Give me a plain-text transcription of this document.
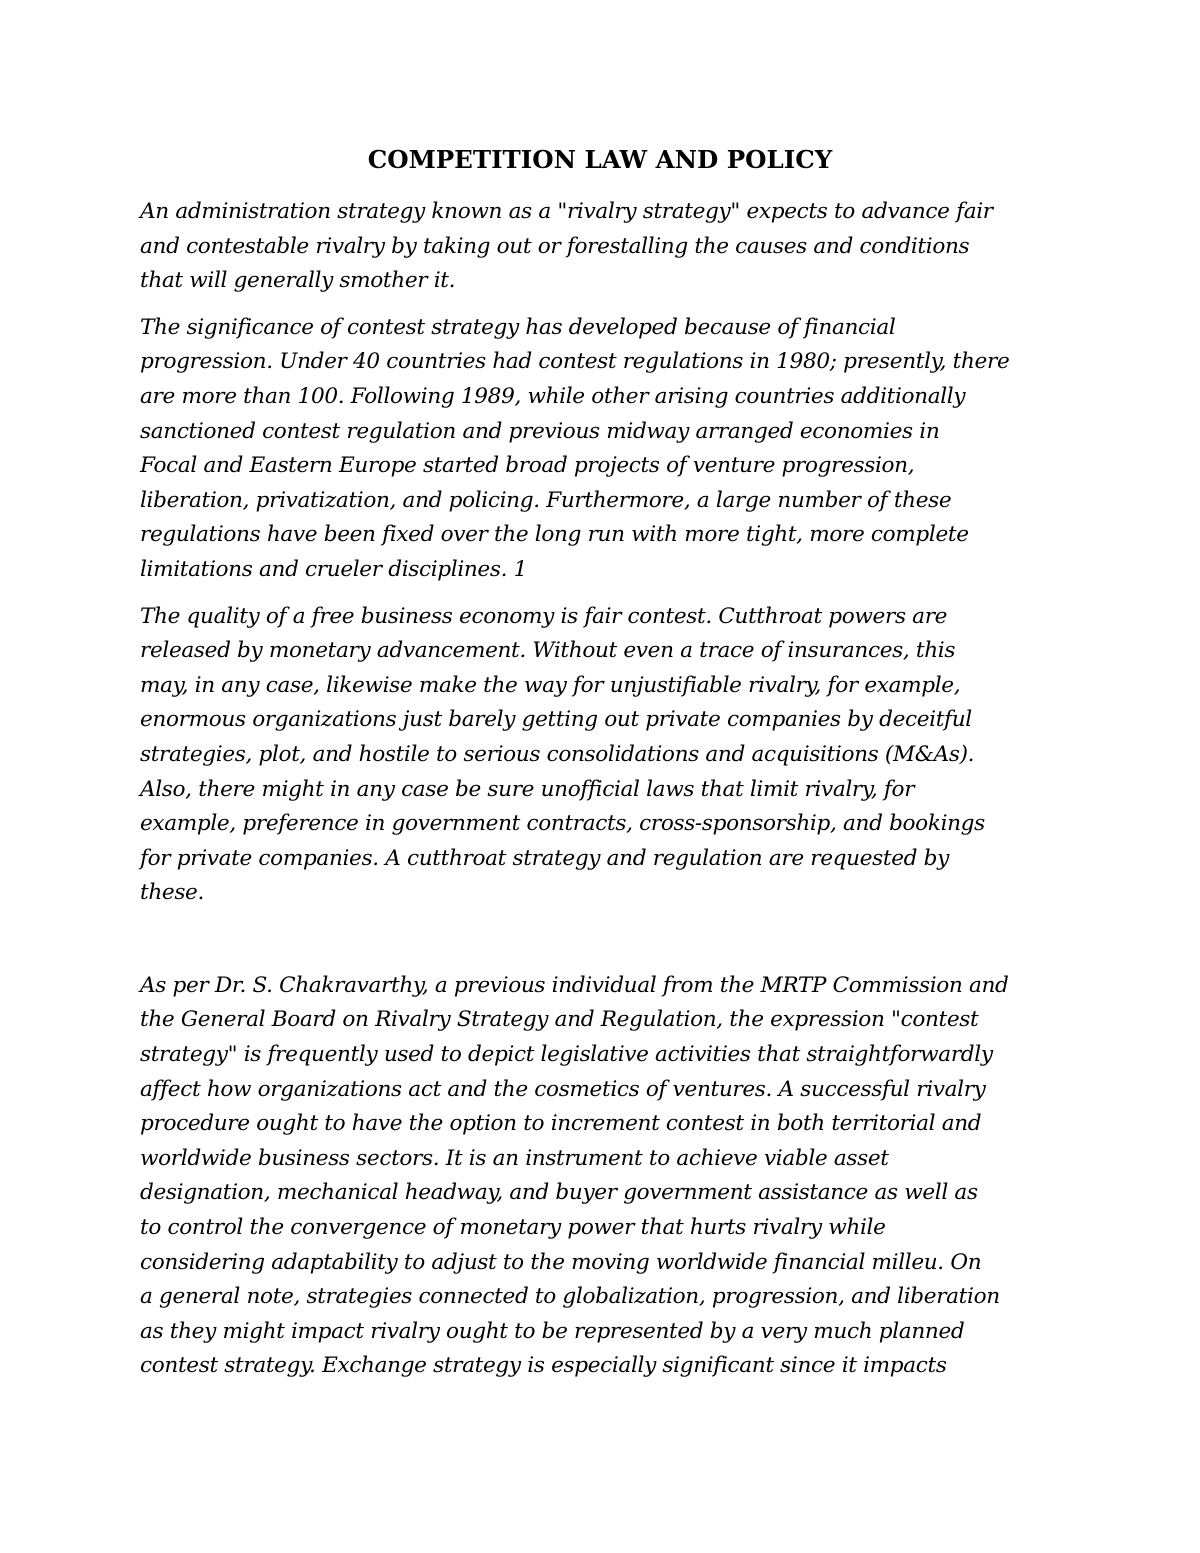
COMPETITION LAW AND POLICY

An administration strategy known as a "rivalry strategy" expects to advance fair
and contestable rivalry by taking out or forestalling the causes and conditions
that will generally smother it.

The significance of contest strategy has developed because of financial
progression. Under 40 countries had contest regulations in 1980; presently, there
are more than 100. Following 1989, while other arising countries additionally
sanctioned contest regulation and previous midway arranged economies in
Focal and Eastern Europe started broad projects of venture progression,
liberation, privatization, and policing. Furthermore, a large number of these
regulations have been fixed over the long run with more tight, more complete
limitations and crueler disciplines. 1

The quality of a free business economy is fair contest. Cutthroat powers are
released by monetary advancement. Without even a trace of insurances, this
may, in any case, likewise make the way for unjustifiable rivalry, for example,
enormous organizations just barely getting out private companies by deceitful
strategies, plot, and hostile to serious consolidations and acquisitions (M&As).
Also, there might in any case be sure unofficial laws that limit rivalry, for
example, preference in government contracts, cross-sponsorship, and bookings
for private companies. A cutthroat strategy and regulation are requested by
these.

As per Dr. S. Chakravarthy, a previous individual from the MRTP Commission and
the General Board on Rivalry Strategy and Regulation, the expression "contest
strategy" is frequently used to depict legislative activities that straightforwardly
affect how organizations act and the cosmetics of ventures. A successful rivalry
procedure ought to have the option to increment contest in both territorial and
worldwide business sectors. It is an instrument to achieve viable asset
designation, mechanical headway, and buyer government assistance as well as
to control the convergence of monetary power that hurts rivalry while
considering adaptability to adjust to the moving worldwide financial milleu. On
a general note, strategies connected to globalization, progression, and liberation
as they might impact rivalry ought to be represented by a very much planned
contest strategy. Exchange strategy is especially significant since it impacts
